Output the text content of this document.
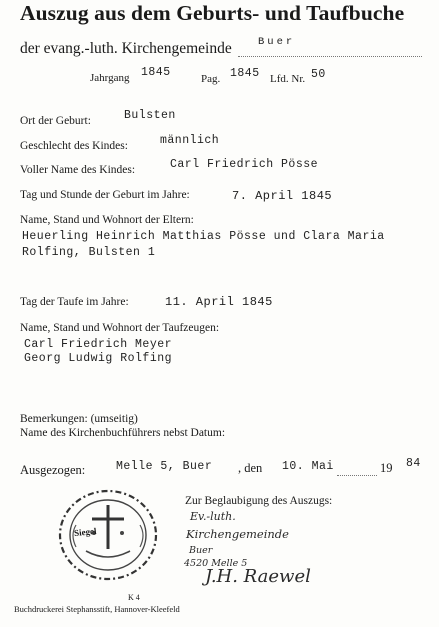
Auszug aus dem Geburts- und Taufbuche
der evang.-luth. Kirchengemeinde	Buer
Jahrgang 1845	Pag. 1845 Lfd. Nr. 50
Ort der Geburt:	Bulsten
Geschlecht des Kindes:	männlich
Voller Name des Kindes:	Carl Friedrich Pösse
Tag und Stunde der Geburt im Jahre:	7. April 1845
Name, Stand und Wohnort der Eltern:
Heuerling Heinrich Matthias Pösse und Clara Maria
Rolfing, Bulsten 1
Tag der Taufe im Jahre:	11. April 1845
Name, Stand und Wohnort der Taufzeugen:
Carl Friedrich Meyer
Georg Ludwig Rolfing
Bemerkungen: (umseitig)
Name des Kirchenbuchführers nebst Datum:
Ausgezogen:	Melle 5, Buer , den 10. Mai	19 84
Zur Beglaubigung des Auszugs:
Ev.-luth.
Kirchengemeinde
Buer
4520 Melle 5
J.H. Raewel
Siegel
K 4
Buchdruckerei Stephansstift, Hannover-Kleefeld
